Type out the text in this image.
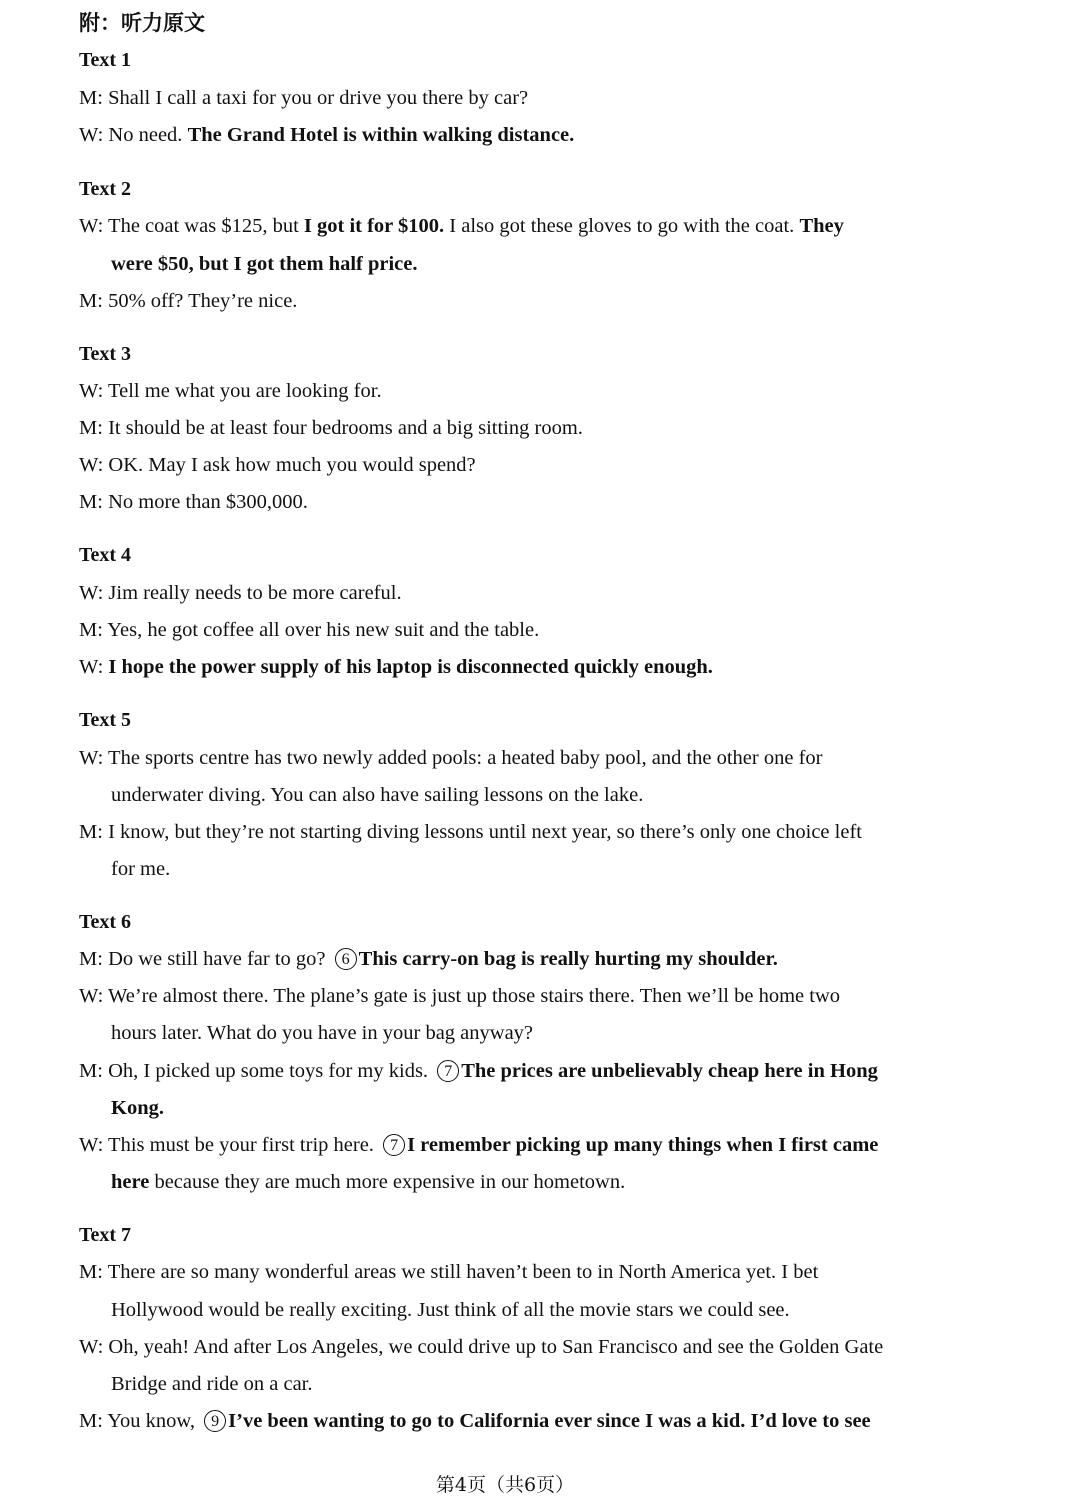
附：听力原文
Text 1
M: Shall I call a taxi for you or drive you there by car?
W: No need. The Grand Hotel is within walking distance.
Text 2
W: The coat was $125, but I got it for $100. I also got these gloves to go with the coat. They
were $50, but I got them half price.
M: 50% off? They’re nice.
Text 3
W: Tell me what you are looking for.
M: It should be at least four bedrooms and a big sitting room.
W: OK. May I ask how much you would spend?
M: No more than $300,000.
Text 4
W: Jim really needs to be more careful.
M: Yes, he got coffee all over his new suit and the table.
W: I hope the power supply of his laptop is disconnected quickly enough.
Text 5
W: The sports centre has two newly added pools: a heated baby pool, and the other one for
underwater diving. You can also have sailing lessons on the lake.
M: I know, but they’re not starting diving lessons until next year, so there’s only one choice left
for me.
Text 6
M: Do we still have far to go? 6 This carry-on bag is really hurting my shoulder.
W: We’re almost there. The plane’s gate is just up those stairs there. Then we’ll be home two
hours later. What do you have in your bag anyway?
M: Oh, I picked up some toys for my kids. 7 The prices are unbelievably cheap here in Hong
Kong.
W: This must be your first trip here. 7 I remember picking up many things when I first came
here because they are much more expensive in our hometown.
Text 7
M: There are so many wonderful areas we still haven’t been to in North America yet. I bet
Hollywood would be really exciting. Just think of all the movie stars we could see.
W: Oh, yeah! And after Los Angeles, we could drive up to San Francisco and see the Golden Gate
Bridge and ride on a car.
M: You know, 9 I’ve been wanting to go to California ever since I was a kid. I’d love to see
第4页（共6页）
